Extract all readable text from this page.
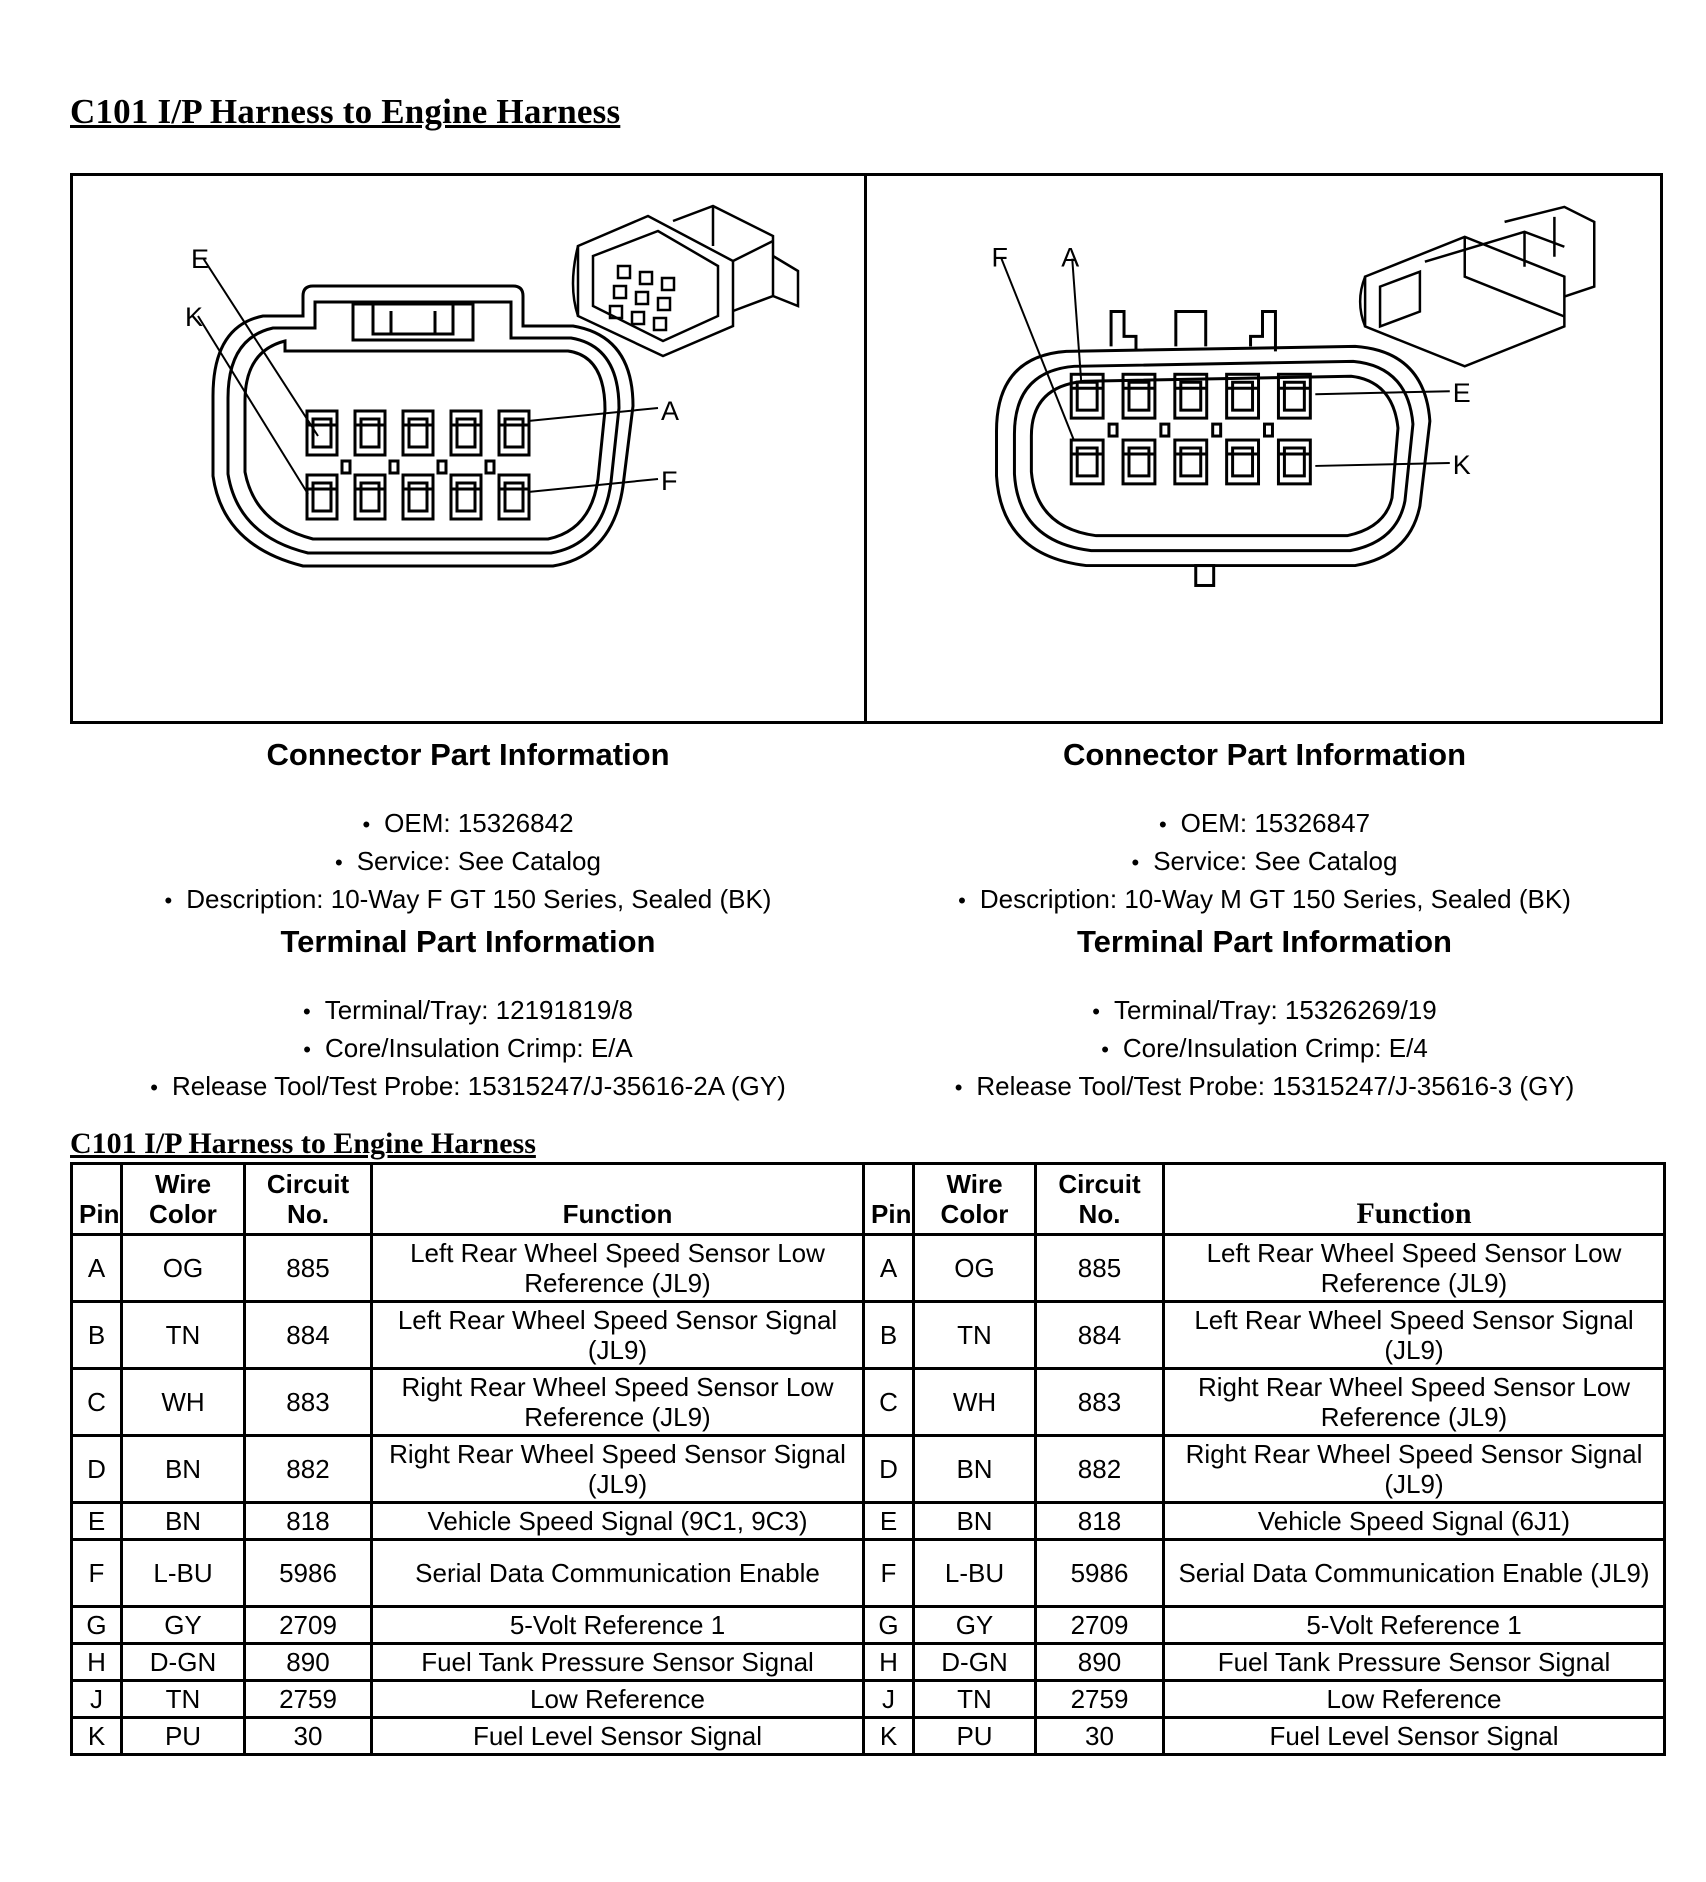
C101 I/P Harness to Engine Harness
E
K
A
F
F A
E
K
Connector Part Information
• OEM: 15326842
• Service: See Catalog
• Description: 10-Way F GT 150 Series, Sealed (BK)
Terminal Part Information
• Terminal/Tray: 12191819/8
• Core/Insulation Crimp: E/A
• Release Tool/Test Probe: 15315247/J-35616-2A (GY)
Connector Part Information
• OEM: 15326847
• Service: See Catalog
• Description: 10-Way M GT 150 Series, Sealed (BK)
Terminal Part Information
• Terminal/Tray: 15326269/19
• Core/Insulation Crimp: E/4
• Release Tool/Test Probe: 15315247/J-35616-3 (GY)
C101 I/P Harness to Engine Harness
Pin	Wire Color	Circuit No.	Function	Pin	Wire Color	Circuit No.	Function
A	OG	885	Left Rear Wheel Speed Sensor Low Reference (JL9)	A	OG	885	Left Rear Wheel Speed Sensor Low Reference (JL9)
B	TN	884	Left Rear Wheel Speed Sensor Signal (JL9)	B	TN	884	Left Rear Wheel Speed Sensor Signal (JL9)
C	WH	883	Right Rear Wheel Speed Sensor Low Reference (JL9)	C	WH	883	Right Rear Wheel Speed Sensor Low Reference (JL9)
D	BN	882	Right Rear Wheel Speed Sensor Signal (JL9)	D	BN	882	Right Rear Wheel Speed Sensor Signal (JL9)
E	BN	818	Vehicle Speed Signal (9C1, 9C3)	E	BN	818	Vehicle Speed Signal (6J1)
F	L-BU	5986	Serial Data Communication Enable	F	L-BU	5986	Serial Data Communication Enable (JL9)
G	GY	2709	5-Volt Reference 1	G	GY	2709	5-Volt Reference 1
H	D-GN	890	Fuel Tank Pressure Sensor Signal	H	D-GN	890	Fuel Tank Pressure Sensor Signal
J	TN	2759	Low Reference	J	TN	2759	Low Reference
K	PU	30	Fuel Level Sensor Signal	K	PU	30	Fuel Level Sensor Signal
